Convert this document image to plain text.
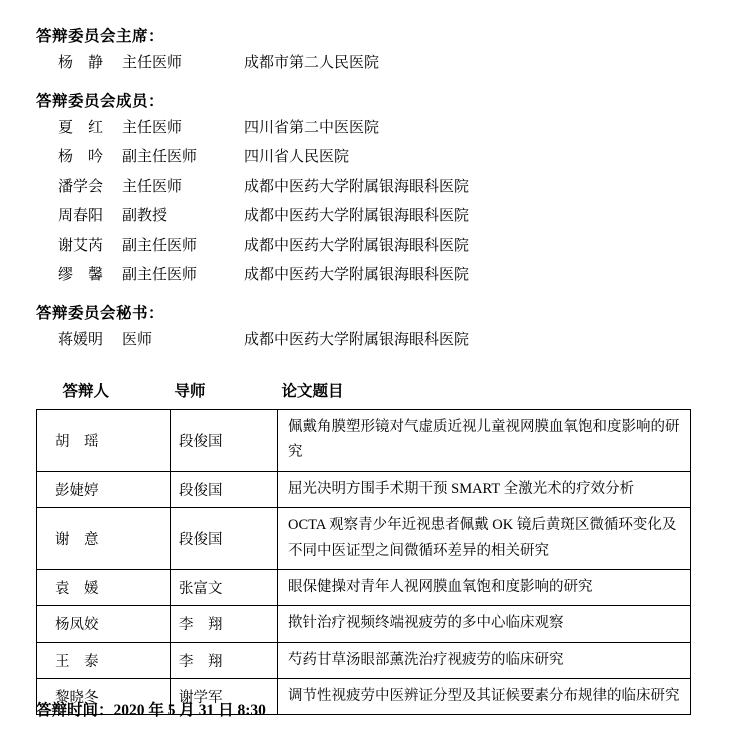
答辩委员会主席：
杨　静	主任医师	成都市第二人民医院
答辩委员会成员：
夏　红	主任医师	四川省第二中医医院
杨　吟	副主任医师	四川省人民医院
潘学会	主任医师	成都中医药大学附属银海眼科医院
周春阳	副教授	成都中医药大学附属银海眼科医院
谢艾芮	副主任医师	成都中医药大学附属银海眼科医院
缪　馨	副主任医师	成都中医药大学附属银海眼科医院
答辩委员会秘书：
蒋媛明	医师	成都中医药大学附属银海眼科医院
答辩人	导师	论文题目
胡　瑶	段俊国	佩戴角膜塑形镜对气虚质近视儿童视网膜血氧饱和度影响的研究
彭婕婷	段俊国	屈光决明方围手术期干预 SMART 全激光术的疗效分析
谢　意	段俊国	OCTA 观察青少年近视患者佩戴 OK 镜后黄斑区微循环变化及不同中医证型之间微循环差异的相关研究
袁　媛	张富文	眼保健操对青年人视网膜血氧饱和度影响的研究
杨凤姣	李　翔	揿针治疗视频终端视疲劳的多中心临床观察
王　泰	李　翔	芍药甘草汤眼部薰洗治疗视疲劳的临床研究
黎晓冬	谢学军	调节性视疲劳中医辨证分型及其证候要素分布规律的临床研究
答辩时间：2020 年 5 月 31 日 8:30
